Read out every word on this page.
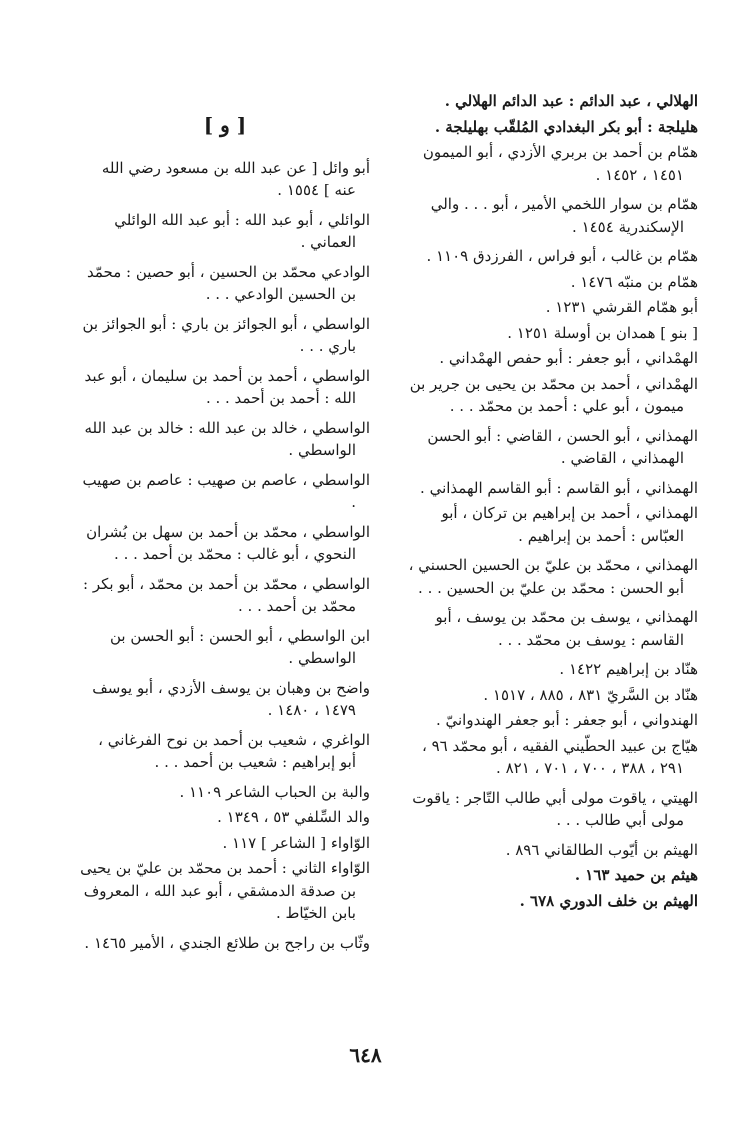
الهلالي ، عبد الدائم : عبد الدائم الهلالي .
هليلجة : أبو بكر البغدادي المُلقّب بهليلجة .
همّام بن أحمد بن بربري الأزدي ، أبو الميمون ١٤٥١ ، ١٤٥٢ .
همّام بن سوار اللخمي الأمير ، أبو . . . والي الإسكندرية ١٤٥٤ .
همّام بن غالب ، أبو فراس ، الفرزدق ١١٠٩ .
همّام بن منبّه ١٤٧٦ .
أبو همّام القرشي ١٢٣١ .
[ بنو ] همدان بن أوسلة ١٢٥١ .
الهمْداني ، أبو جعفر : أبو حفص الهمْداني .
الهمْداني ، أحمد بن محمّد بن يحيى بن جرير بن ميمون ، أبو علي : أحمد بن محمّد . . .
الهمذاني ، أبو الحسن ، القاضي : أبو الحسن الهمذاني ، القاضي .
الهمذاني ، أبو القاسم : أبو القاسم الهمذاني .
الهمذاني ، أحمد بن إبراهيم بن تركان ، أبو العبّاس : أحمد بن إبراهيم .
الهمذاني ، محمّد بن عليّ بن الحسين الحسني ، أبو الحسن : محمّد بن عليّ بن الحسين . . .
الهمذاني ، يوسف بن محمّد بن يوسف ، أبو القاسم : يوسف بن محمّد . . .
هنّاد بن إبراهيم ١٤٢٢ .
هنّاد بن السَّريّ ٨٣١ ، ٨٨٥ ، ١٥١٧ .
الهندواني ، أبو جعفر : أبو جعفر الهندوانيّ .
هيّاج بن عبيد الحطّيني الفقيه ، أبو محمّد ٩٦ ، ٢٩١ ، ٣٨٨ ، ٧٠٠ ، ٧٠١ ، ٨٢١ .
الهيتي ، ياقوت مولى أبي طالب التّاجر : ياقوت مولى أبي طالب . . .
الهيثم بن أيّوب الطالقاني ٨٩٦ .
هيثم بن حميد ١٦٣ .
الهيثم بن خلف الدوري ٦٧٨ .
[ و ]
أبو وائل [ عن عبد الله بن مسعود رضي الله عنه ] ١٥٥٤ .
الوائلي ، أبو عبد الله : أبو عبد الله الوائلي العماني .
الوادعي محمّد بن الحسين ، أبو حصين : محمّد بن الحسين الوادعي . . .
الواسطي ، أبو الجوائز بن باري : أبو الجوائز بن باري . . .
الواسطي ، أحمد بن أحمد بن سليمان ، أبو عبد الله : أحمد بن أحمد . . .
الواسطي ، خالد بن عبد الله : خالد بن عبد الله الواسطي .
الواسطي ، عاصم بن صهيب : عاصم بن صهيب .
الواسطي ، محمّد بن أحمد بن سهل بن بُشران النحوي ، أبو غالب : محمّد بن أحمد . . .
الواسطي ، محمّد بن أحمد بن محمّد ، أبو بكر : محمّد بن أحمد . . .
ابن الواسطي ، أبو الحسن : أبو الحسن بن الواسطي .
واضح بن وهبان بن يوسف الأزدي ، أبو يوسف ١٤٧٩ ، ١٤٨٠ .
الواغري ، شعيب بن أحمد بن نوح الفرغاني ، أبو إبراهيم : شعيب بن أحمد . . .
والبة بن الحباب الشاعر ١١٠٩ .
والد السِّلفي ٥٣ ، ١٣٤٩ .
الوّاواء [ الشاعر ] ١١٧ .
الوّاواء الثاني : أحمد بن محمّد بن عليّ بن يحيى بن صدقة الدمشقي ، أبو عبد الله ، المعروف بابن الخيّاط .
وثّاب بن راجح بن طلائع الجندي ، الأمير ١٤٦٥ .
٦٤٨
